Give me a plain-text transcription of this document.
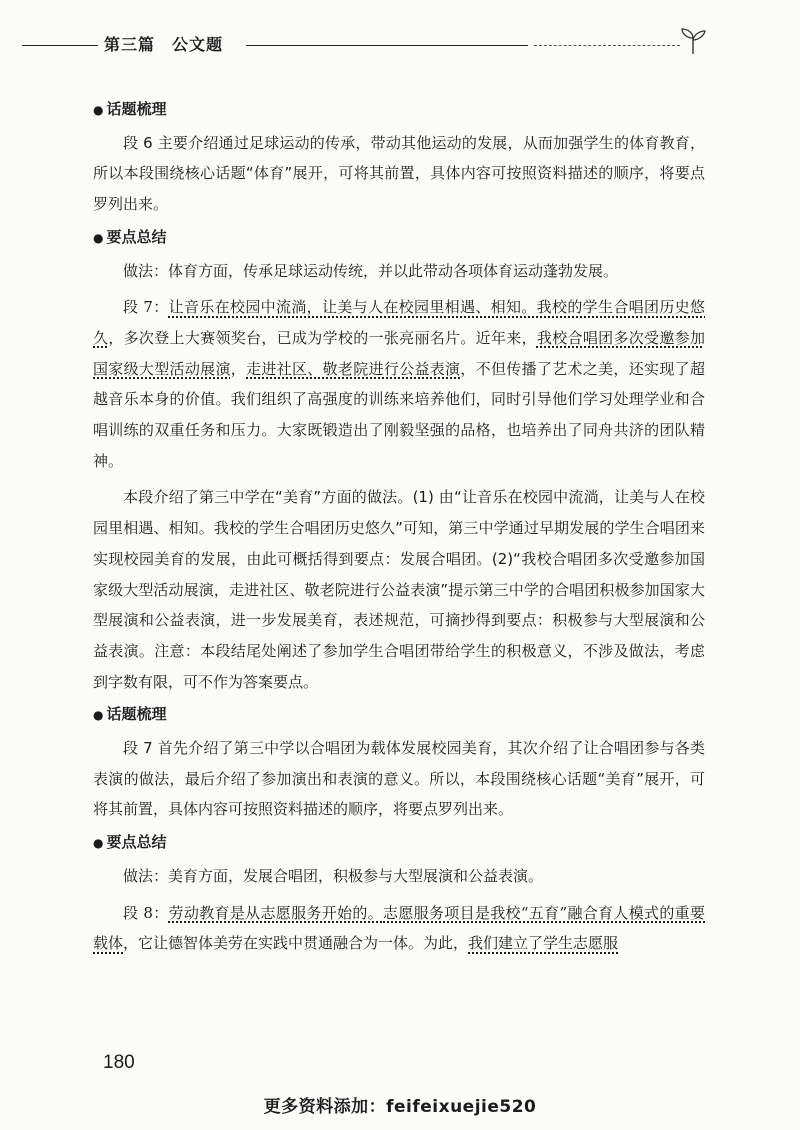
第三篇　公文题
● 话题梳理
段 6 主要介绍通过足球运动的传承，带动其他运动的发展，从而加强学生的体育教育，所以本段围绕核心话题“体育”展开，可将其前置，具体内容可按照资料描述的顺序，将要点罗列出来。
● 要点总结
做法：体育方面，传承足球运动传统，并以此带动各项体育运动蓬勃发展。
段 7：让音乐在校园中流淌，让美与人在校园里相遇、相知。我校的学生合唱团历史悠久，多次登上大赛领奖台，已成为学校的一张亮丽名片。近年来，我校合唱团多次受邀参加国家级大型活动展演，走进社区、敬老院进行公益表演，不但传播了艺术之美，还实现了超越音乐本身的价值。我们组织了高强度的训练来培养他们，同时引导他们学习处理学业和合唱训练的双重任务和压力。大家既锻造出了刚毅坚强的品格，也培养出了同舟共济的团队精神。
本段介绍了第三中学在“美育”方面的做法。(1) 由“让音乐在校园中流淌，让美与人在校园里相遇、相知。我校的学生合唱团历史悠久”可知，第三中学通过早期发展的学生合唱团来实现校园美育的发展，由此可概括得到要点：发展合唱团。(2)“我校合唱团多次受邀参加国家级大型活动展演，走进社区、敬老院进行公益表演”提示第三中学的合唱团积极参加国家大型展演和公益表演，进一步发展美育，表述规范，可摘抄得到要点：积极参与大型展演和公益表演。注意：本段结尾处阐述了参加学生合唱团带给学生的积极意义，不涉及做法，考虑到字数有限，可不作为答案要点。
● 话题梳理
段 7 首先介绍了第三中学以合唱团为载体发展校园美育，其次介绍了让合唱团参与各类表演的做法，最后介绍了参加演出和表演的意义。所以，本段围绕核心话题“美育”展开，可将其前置，具体内容可按照资料描述的顺序，将要点罗列出来。
● 要点总结
做法：美育方面，发展合唱团，积极参与大型展演和公益表演。
段 8：劳动教育是从志愿服务开始的。志愿服务项目是我校“五育”融合育人模式的重要载体，它让德智体美劳在实践中贯通融合为一体。为此，我们建立了学生志愿服
180
更多资料添加：feifeixuejie520
